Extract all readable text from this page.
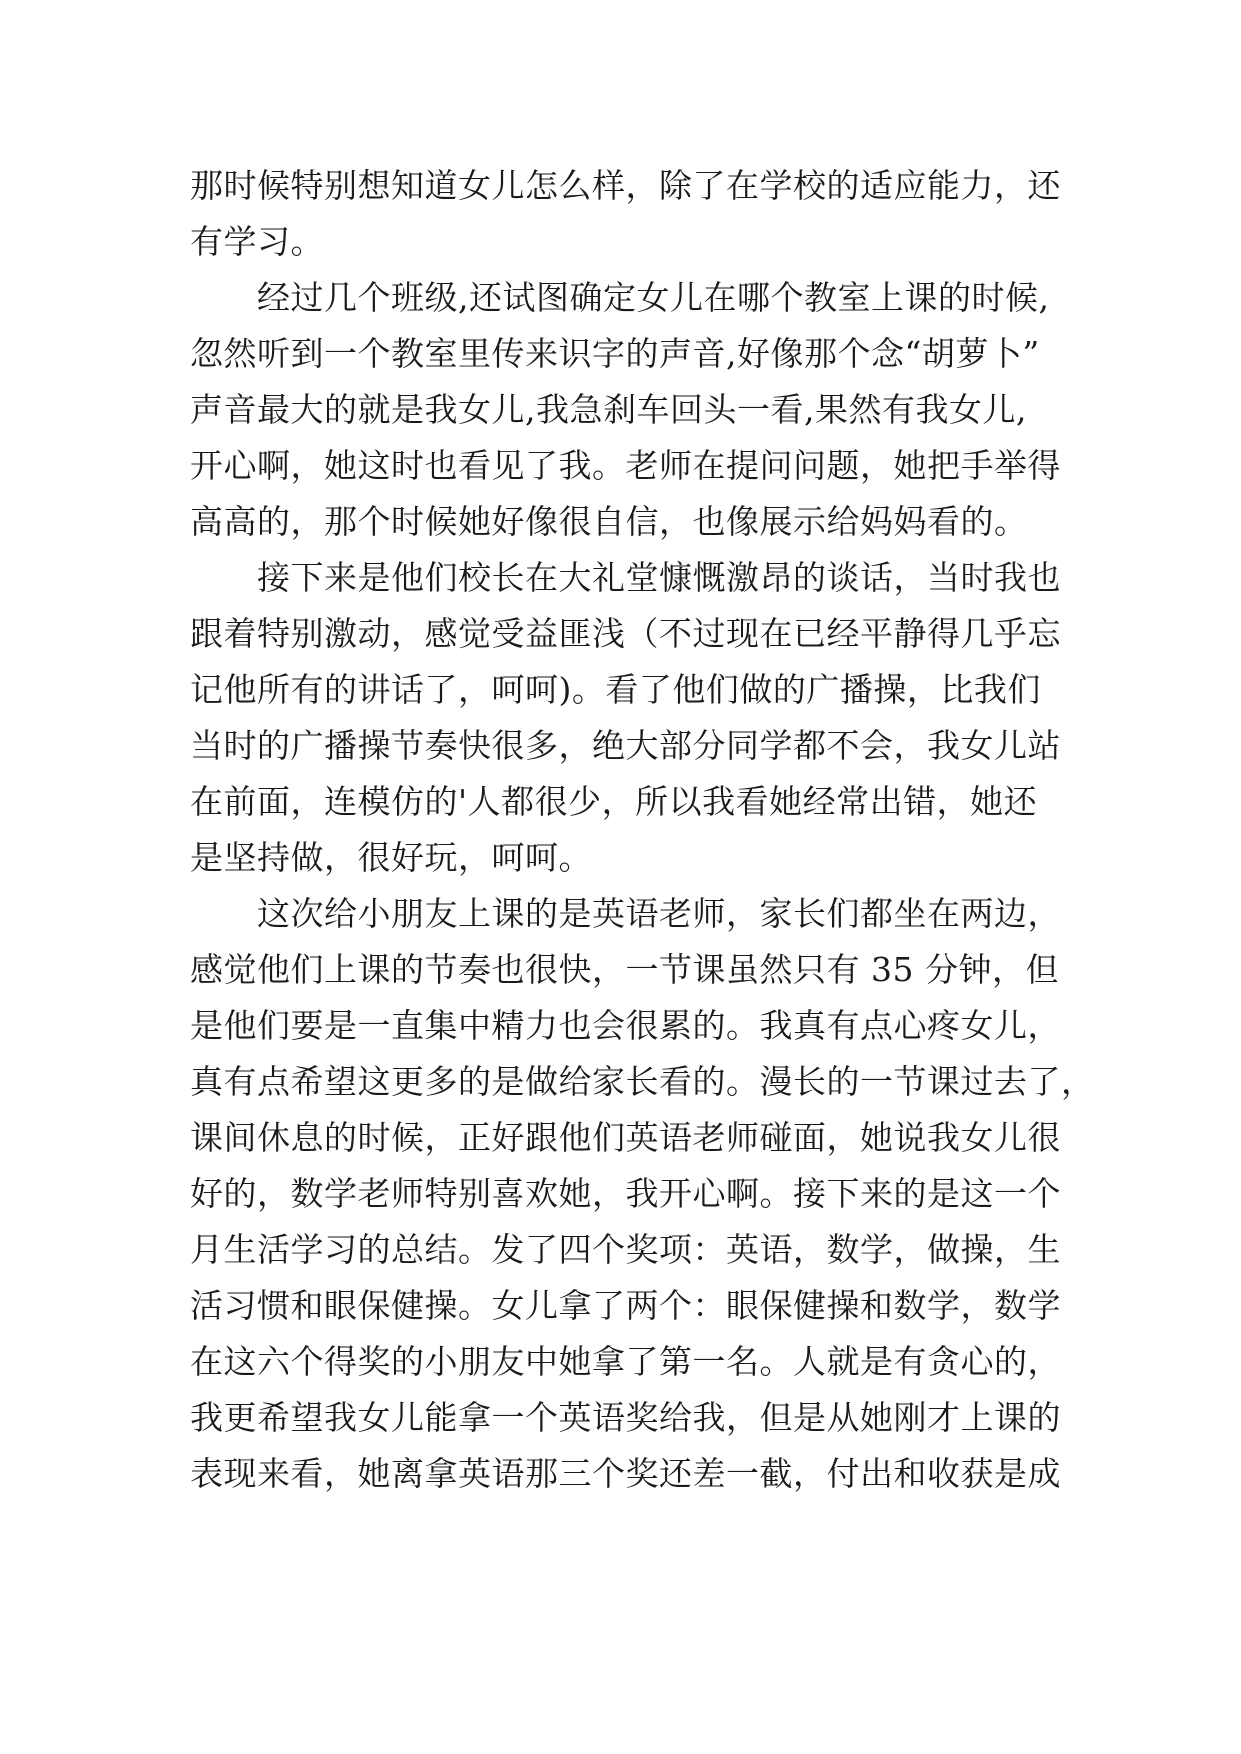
那时候特别想知道女儿怎么样，除了在学校的适应能力，还
有学习。
经过几个班级,还试图确定女儿在哪个教室上课的时候,
忽然听到一个教室里传来识字的声音,好像那个念“胡萝卜”
声音最大的就是我女儿,我急刹车回头一看,果然有我女儿,
开心啊，她这时也看见了我。老师在提问问题，她把手举得
高高的，那个时候她好像很自信，也像展示给妈妈看的。
接下来是他们校长在大礼堂慷慨激昂的谈话，当时我也
跟着特别激动，感觉受益匪浅（不过现在已经平静得几乎忘
记他所有的讲话了，呵呵)。看了他们做的广播操，比我们
当时的广播操节奏快很多，绝大部分同学都不会，我女儿站
在前面，连模仿的'人都很少，所以我看她经常出错，她还
是坚持做，很好玩，呵呵。
这次给小朋友上课的是英语老师，家长们都坐在两边，
感觉他们上课的节奏也很快，一节课虽然只有 35 分钟，但
是他们要是一直集中精力也会很累的。我真有点心疼女儿，
真有点希望这更多的是做给家长看的。漫长的一节课过去了，
课间休息的时候，正好跟他们英语老师碰面，她说我女儿很
好的，数学老师特别喜欢她，我开心啊。接下来的是这一个
月生活学习的总结。发了四个奖项：英语，数学，做操，生
活习惯和眼保健操。女儿拿了两个：眼保健操和数学，数学
在这六个得奖的小朋友中她拿了第一名。人就是有贪心的，
我更希望我女儿能拿一个英语奖给我，但是从她刚才上课的
表现来看，她离拿英语那三个奖还差一截，付出和收获是成
